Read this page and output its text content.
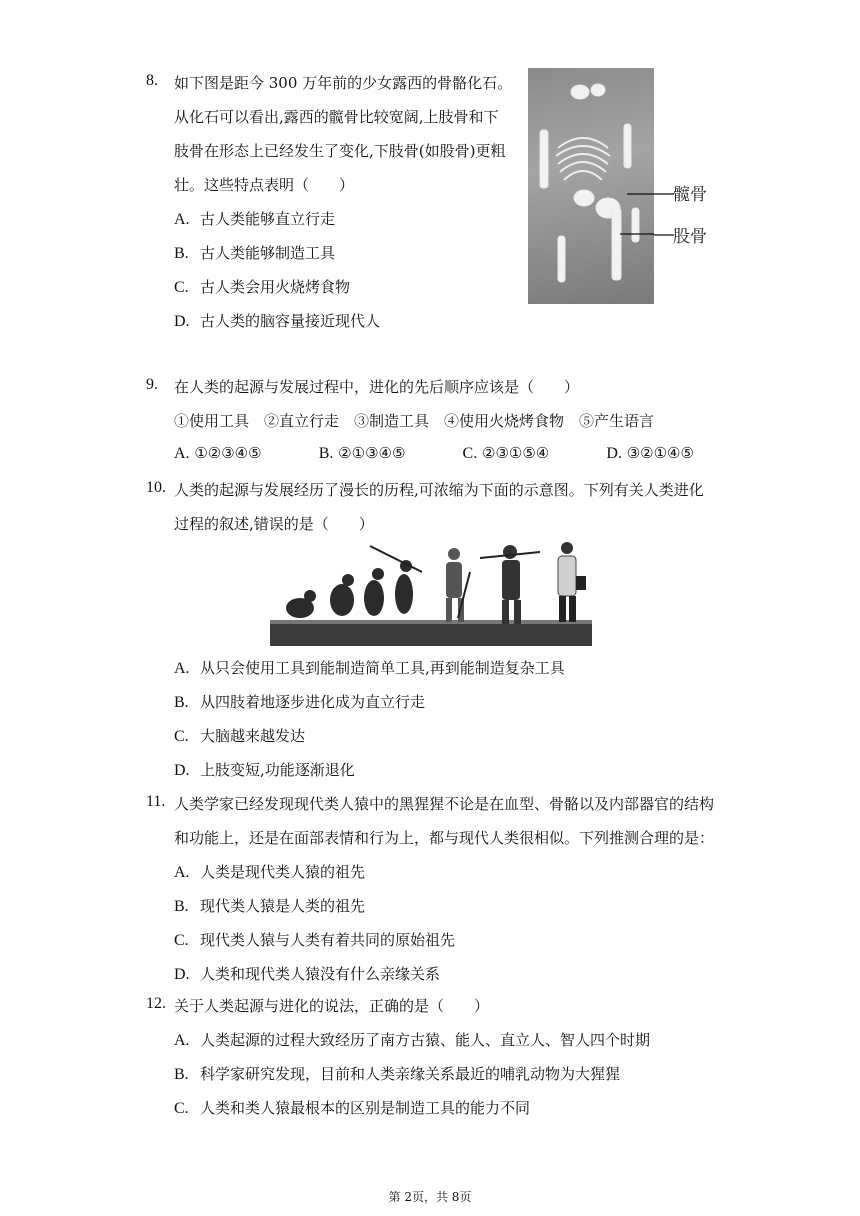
8.	如下图是距今 300 万年前的少女露西的骨骼化石。
从化石可以看出,露西的髋骨比较宽阔,上肢骨和下
肢骨在形态上已经发生了变化,下肢骨(如股骨)更粗
壮。这些特点表明（　　）
A. 古人类能够直立行走
B. 古人类能够制造工具
C. 古人类会用火烧烤食物
D. 古人类的脑容量接近现代人
髋骨
股骨
9.	在人类的起源与发展过程中，进化的先后顺序应该是（　　）
①使用工具　②直立行走　③制造工具　④使用火烧烤食物　⑤产生语言
A. ①②③④⑤	B. ②①③④⑤	C. ②③①⑤④	D. ③②①④⑤
10. 人类的起源与发展经历了漫长的历程,可浓缩为下面的示意图。下列有关人类进化
过程的叙述,错误的是（　　）
A. 从只会使用工具到能制造简单工具,再到能制造复杂工具
B. 从四肢着地逐步进化成为直立行走
C. 大脑越来越发达
D. 上肢变短,功能逐渐退化
11. 人类学家已经发现现代类人猿中的黑猩猩不论是在血型、骨骼以及内部器官的结构
和功能上，还是在面部表情和行为上，都与现代人类很相似。下列推测合理的是：
A. 人类是现代类人猿的祖先
B. 现代类人猿是人类的祖先
C. 现代类人猿与人类有着共同的原始祖先
D. 人类和现代类人猿没有什么亲缘关系
12. 关于人类起源与进化的说法，正确的是（　　）
A. 人类起源的过程大致经历了南方古猿、能人、直立人、智人四个时期
B. 科学家研究发现，目前和人类亲缘关系最近的哺乳动物为大猩猩
C. 人类和类人猿最根本的区别是制造工具的能力不同
第 2页，共 8页
